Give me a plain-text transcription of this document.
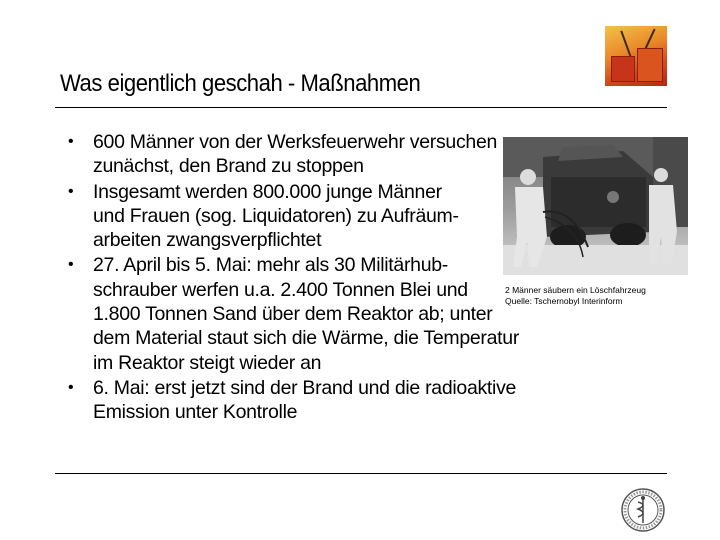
Was eigentlich geschah - Maßnahmen
• 600 Männer von der Werksfeuerwehr versuchen
zunächst, den Brand zu stoppen
• Insgesamt werden 800.000 junge Männer
und Frauen (sog. Liquidatoren) zu Aufräum-
arbeiten zwangsverpflichtet
• 27. April bis 5. Mai: mehr als 30 Militärhub-
schrauber werfen u.a. 2.400 Tonnen Blei und
1.800 Tonnen Sand über dem Reaktor ab; unter
dem Material staut sich die Wärme, die Temperatur
im Reaktor steigt wieder an
• 6. Mai: erst jetzt sind der Brand und die radioaktive
Emission unter Kontrolle
2 Männer säubern ein Löschfahrzeug
Quelle: Tschernobyl Interinform
